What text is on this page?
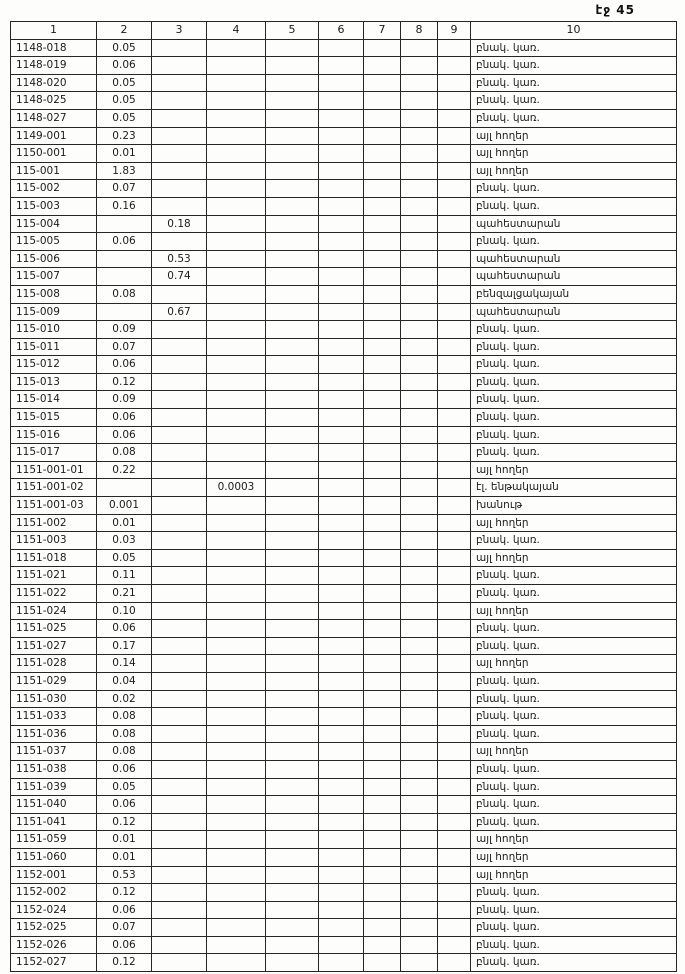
էջ 45
1	2	3	4	5	6	7	8	9	10
1148-018	0.05								բնակ. կառ.
1148-019	0.06								բնակ. կառ.
1148-020	0.05								բնակ. կառ.
1148-025	0.05								բնակ. կառ.
1148-027	0.05								բնակ. կառ.
1149-001	0.23								այլ հողեր
1150-001	0.01								այլ հողեր
115-001	1.83								այլ հողեր
115-002	0.07								բնակ. կառ.
115-003	0.16								բնակ. կառ.
115-004		0.18							պահեստարան
115-005	0.06								բնակ. կառ.
115-006		0.53							պահեստարան
115-007		0.74							պահեստարան
115-008	0.08								բենզալցակայան
115-009		0.67							պահեստարան
115-010	0.09								բնակ. կառ.
115-011	0.07								բնակ. կառ.
115-012	0.06								բնակ. կառ.
115-013	0.12								բնակ. կառ.
115-014	0.09								բնակ. կառ.
115-015	0.06								բնակ. կառ.
115-016	0.06								բնակ. կառ.
115-017	0.08								բնակ. կառ.
1151-001-01	0.22								այլ հողեր
1151-001-02			0.0003						էլ. ենթակայան
1151-001-03	0.001								խանութ
1151-002	0.01								այլ հողեր
1151-003	0.03								բնակ. կառ.
1151-018	0.05								այլ հողեր
1151-021	0.11								բնակ. կառ.
1151-022	0.21								բնակ. կառ.
1151-024	0.10								այլ հողեր
1151-025	0.06								բնակ. կառ.
1151-027	0.17								բնակ. կառ.
1151-028	0.14								այլ հողեր
1151-029	0.04								բնակ. կառ.
1151-030	0.02								բնակ. կառ.
1151-033	0.08								բնակ. կառ.
1151-036	0.08								բնակ. կառ.
1151-037	0.08								այլ հողեր
1151-038	0.06								բնակ. կառ.
1151-039	0.05								բնակ. կառ.
1151-040	0.06								բնակ. կառ.
1151-041	0.12								բնակ. կառ.
1151-059	0.01								այլ հողեր
1151-060	0.01								այլ հողեր
1152-001	0.53								այլ հողեր
1152-002	0.12								բնակ. կառ.
1152-024	0.06								բնակ. կառ.
1152-025	0.07								բնակ. կառ.
1152-026	0.06								բնակ. կառ.
1152-027	0.12								բնակ. կառ.
